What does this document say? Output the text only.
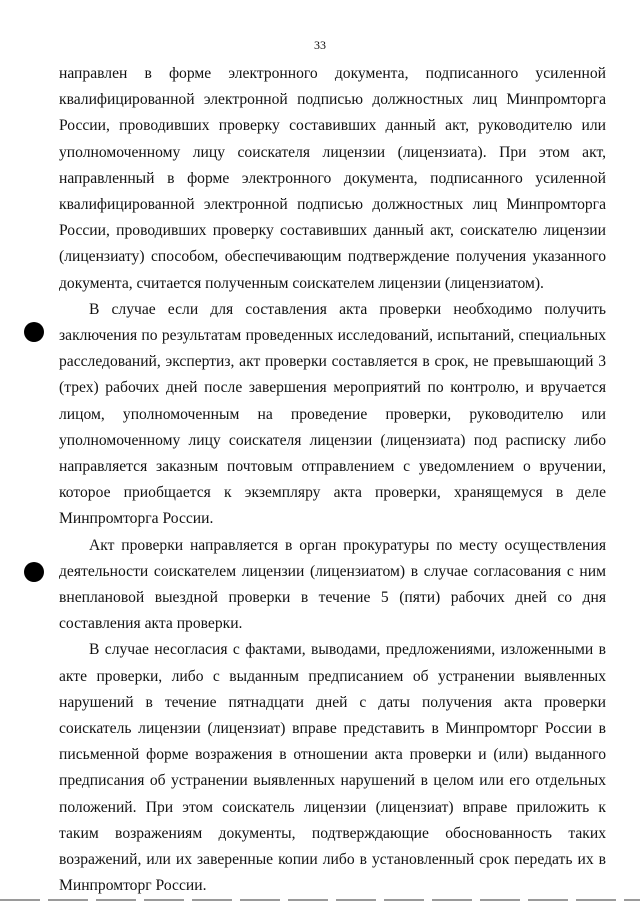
33

направлен в форме электронного документа, подписанного усиленной квалифицированной электронной подписью должностных лиц Минпромторга России, проводивших проверку составивших данный акт, руководителю или уполномоченному лицу соискателя лицензии (лицензиата). При этом акт, направленный в форме электронного документа, подписанного усиленной квалифицированной электронной подписью должностных лиц Минпромторга России, проводивших проверку составивших данный акт, соискателю лицензии (лицензиату) способом, обеспечивающим подтверждение получения указанного документа, считается полученным соискателем лицензии (лицензиатом).

В случае если для составления акта проверки необходимо получить заключения по результатам проведенных исследований, испытаний, специальных расследований, экспертиз, акт проверки составляется в срок, не превышающий 3 (трех) рабочих дней после завершения мероприятий по контролю, и вручается лицом, уполномоченным на проведение проверки, руководителю или уполномоченному лицу соискателя лицензии (лицензиата) под расписку либо направляется заказным почтовым отправлением с уведомлением о вручении, которое приобщается к экземпляру акта проверки, хранящемуся в деле Минпромторга России.

Акт проверки направляется в орган прокуратуры по месту осуществления деятельности соискателем лицензии (лицензиатом) в случае согласования с ним внеплановой выездной проверки в течение 5 (пяти) рабочих дней со дня составления акта проверки.

В случае несогласия с фактами, выводами, предложениями, изложенными в акте проверки, либо с выданным предписанием об устранении выявленных нарушений в течение пятнадцати дней с даты получения акта проверки соискатель лицензии (лицензиат) вправе представить в Минпромторг России в письменной форме возражения в отношении акта проверки и (или) выданного предписания об устранении выявленных нарушений в целом или его отдельных положений. При этом соискатель лицензии (лицензиат) вправе приложить к таким возражениям документы, подтверждающие обоснованность таких возражений, или их заверенные копии либо в установленный срок передать их в Минпромторг России.
